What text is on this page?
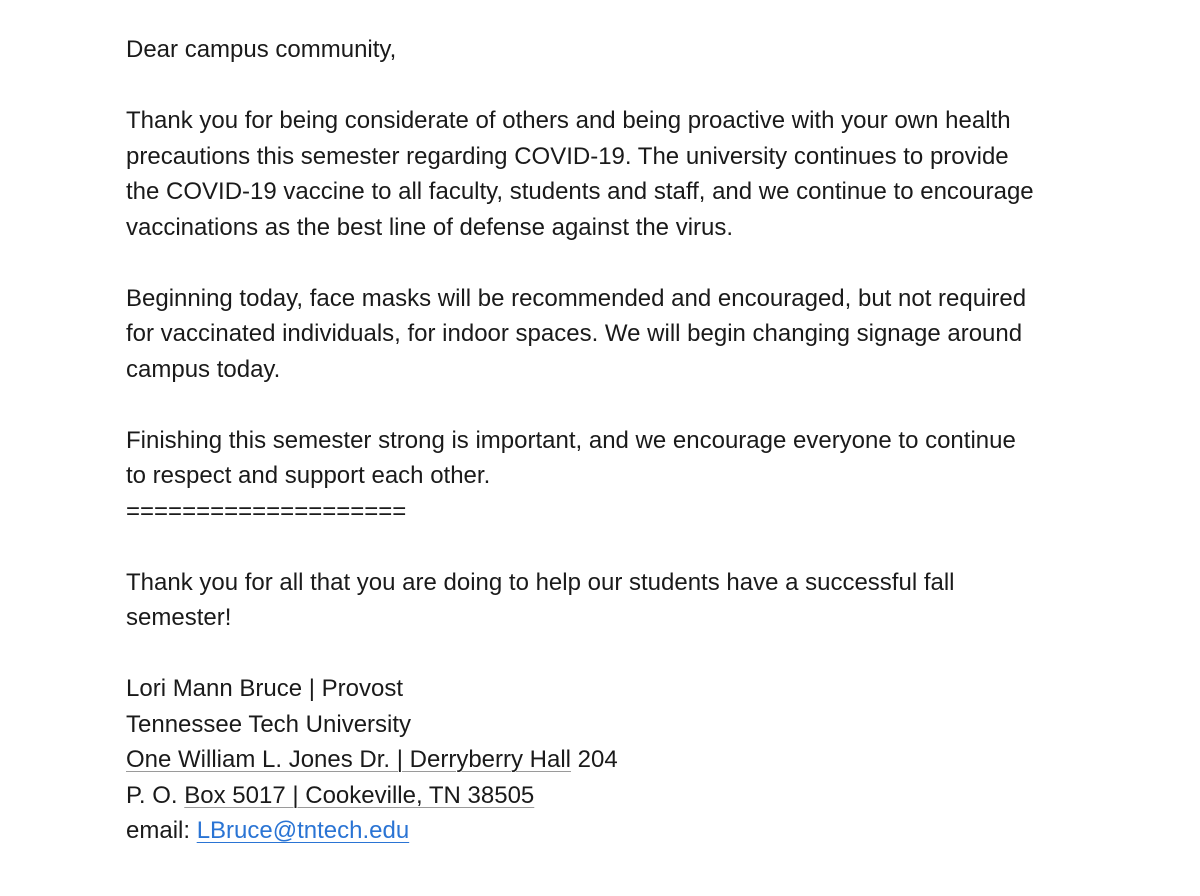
Dear campus community,
Thank you for being considerate of others and being proactive with your own health
precautions this semester regarding COVID-19. The university continues to provide
the COVID-19 vaccine to all faculty, students and staff, and we continue to encourage
vaccinations as the best line of defense against the virus.
Beginning today, face masks will be recommended and encouraged, but not required
for vaccinated individuals, for indoor spaces. We will begin changing signage around
campus today.
Finishing this semester strong is important, and we encourage everyone to continue
to respect and support each other.
====================
Thank you for all that you are doing to help our students have a successful fall
semester!
Lori Mann Bruce | Provost
Tennessee Tech University
One William L. Jones Dr. | Derryberry Hall 204
P. O. Box 5017 | Cookeville, TN 38505
email: LBruce@tntech.edu
